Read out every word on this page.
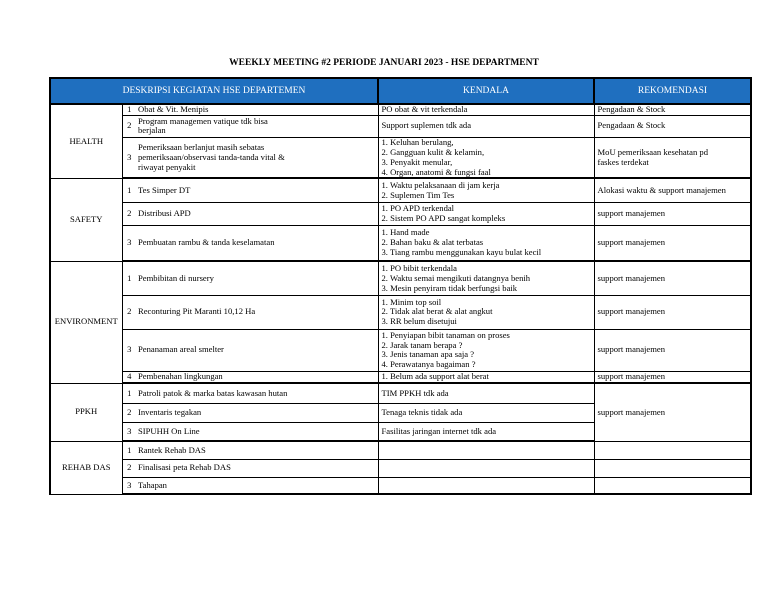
WEEKLY MEETING #2 PERIODE JANUARI 2023 - HSE DEPARTMENT
DESKRIPSI KEGIATAN HSE DEPARTEMEN			KENDALA	REKOMENDASI
HEALTH	1	Obat & Vit. Menipis	PO obat & vit terkendala	Pengadaan & Stock

	2	Program managemen vatique tdk bisa
berjalan	Support suplemen tdk ada	Pengadaan & Stock

	3	Pemeriksaan berlanjut masih sebatas
pemeriksaan/observasi tanda-tanda vital &
riwayat penyakit	1. Keluhan berulang,
2. Gangguan kulit & kelamin,
3. Penyakit menular,
4. Organ, anatomi & fungsi faal	MoU pemeriksaan kesehatan pd
faskes terdekat

SAFETY	1	Tes Simper DT	1. Waktu pelaksanaan di jam kerja
2. Suplemen Tim Tes	Alokasi waktu & support manajemen

	2	Distribusi APD	1. PO APD terkendal
2. Sistem PO APD sangat kompleks	support manajemen

	3	Pembuatan rambu & tanda keselamatan	1. Hand made
2. Bahan baku & alat terbatas
3. Tiang rambu menggunakan kayu bulat kecil	support manajemen

ENVIRONMENT	1	Pembibitan di nursery	1. PO bibit terkendala
2. Waktu semai mengikuti datangnya benih
3. Mesin penyiram tidak berfungsi baik	support manajemen

	2	Reconturing Pit Maranti 10,12 Ha	1. Minim top soil
2. Tidak alat berat & alat angkut
3. RR belum disetujui	support manajemen

	3	Penanaman areal smelter	1. Penyiapan bibit tanaman on proses
2. Jarak tanam berapa ?
3. Jenis tanaman apa saja ?
4. Perawatanya bagaiman ?	support manajemen

	4	Pembenahan lingkungan	1. Belum ada support alat berat	support manajemen

PPKH	1	Patroli patok & marka batas kawasan hutan	TIM PPKH tdk ada	support manajemen
	2	Inventaris tegakan	Tenaga teknis tidak ada	

	3	SIPUHH On Line	Fasilitas jaringan internet tdk ada	

REHAB DAS	1	Rantek Rehab DAS		

	2	Finalisasi peta Rehab DAS		

	3	Tahapan		
